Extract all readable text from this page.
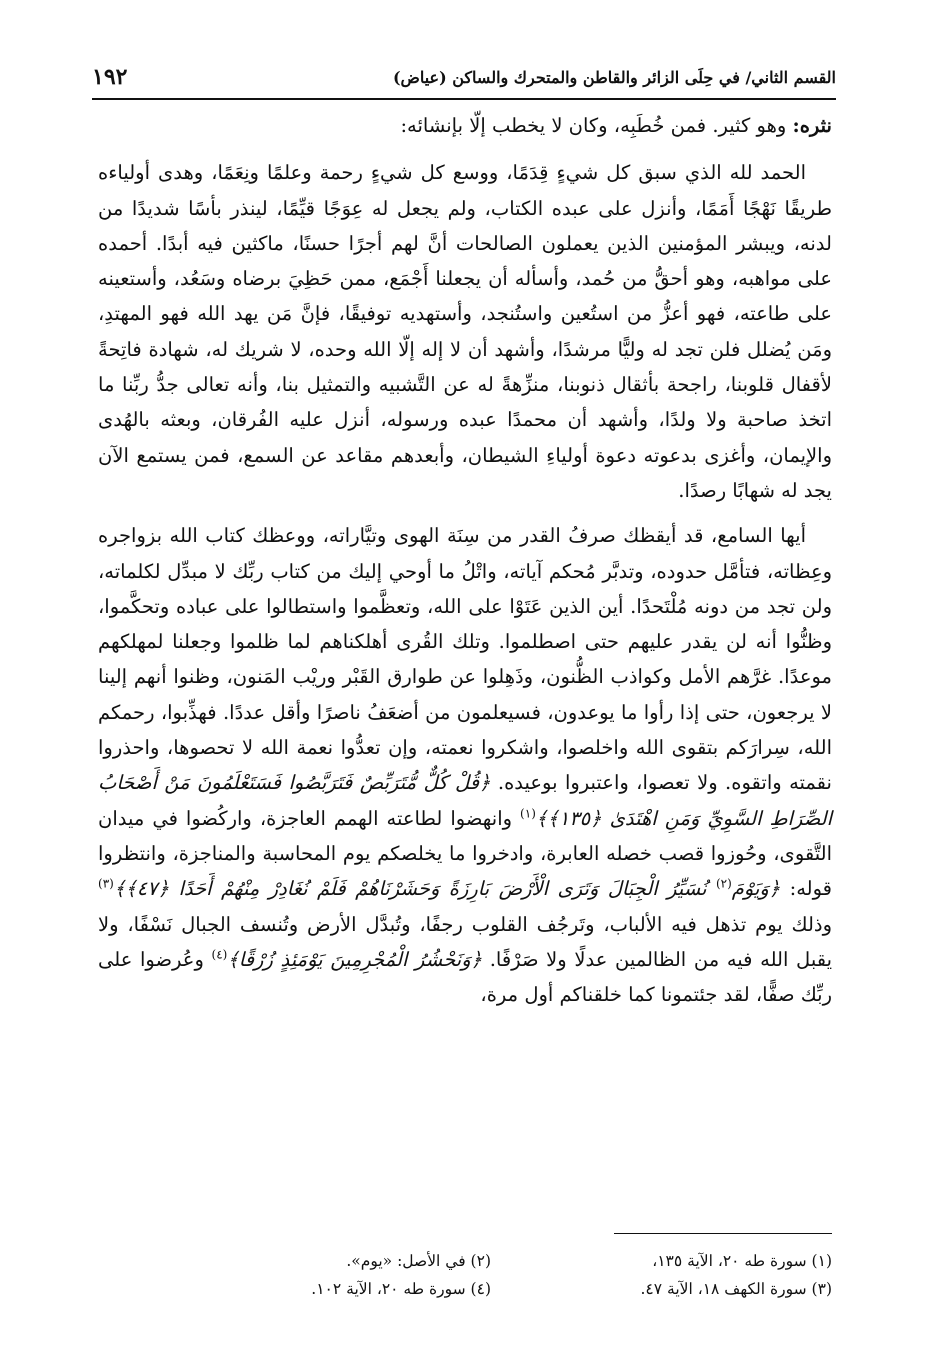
١٩٢	القسم الثاني/ في حِلَى الزائر والقاطن والمتحرك والساكن (عياض)

نثره: وهو كثير. فمن خُطَبِه، وكان لا يخطب إلّا بإنشائه:

الحمد لله الذي سبق كل شيءٍ قِدَمًا، ووسع كل شيءٍ رحمة وعلمًا ونِعَمًا، وهدى أولياءه طريقًا نَهْجًا أَمَمًا، وأنزل على عبده الكتاب، ولم يجعل له عِوَجًا قيِّمًا، لينذر بأسًا شديدًا من لدنه، ويبشر المؤمنين الذين يعملون الصالحات أنَّ لهم أجرًا حسنًا، ماكثين فيه أبدًا. أحمده على مواهبه، وهو أحقُّ من حُمد، وأسأله أن يجعلنا أَجْمَع، ممن حَظِيَ برضاه وسَعُد، وأستعينه على طاعته، فهو أعزُّ من استُعين واستُنجد، وأستهديه توفيقًا، فإنَّ مَن يهد الله فهو المهتدِ، ومَن يُضلل فلن تجد له وليًّا مرشدًا، وأشهد أن لا إله إلّا الله وحده، لا شريك له، شهادة فاتِحةً لأقفال قلوبنا، راجحة بأثقال ذنوبنا، منزِّهةً له عن التَّشبيه والتمثيل بنا، وأنه تعالى جدُّ ربِّنا ما اتخذ صاحبة ولا ولدًا، وأشهد أن محمدًا عبده ورسوله، أنزل عليه الفُرقان، وبعثه بالهُدى والإيمان، وأغزى بدعوته دعوة أولياءِ الشيطان، وأبعدهم مقاعد عن السمع، فمن يستمع الآن يجد له شهابًا رصدًا.

أيها السامع، قد أيقظك صرفُ القدر من سِنَة الهوى وتيَّاراته، ووعظك كتاب الله بزواجره وعِظاته، فتأمَّل حدوده، وتدبَّر مُحكم آياته، واتْلُ ما أوحي إليك من كتاب ربِّك لا مبدِّل لكلماته، ولن تجد من دونه مُلْتَحدًا. أين الذين عَتَوْا على الله، وتعظَّموا واستطالوا على عباده وتحكَّموا، وظنُّوا أنه لن يقدر عليهم حتى اصطلموا. وتلك القُرى أهلكناهم لما ظلموا وجعلنا لمهلكهم موعدًا. غرَّهم الأمل وكواذب الظُّنون، وذَهِلوا عن طوارق القَبْر وريْب المَنون، وظنوا أنهم إلينا لا يرجعون، حتى إذا رأوا ما يوعدون، فسيعلمون من أضعَفُ ناصرًا وأقل عددًا. فهذِّبوا، رحمكم الله، سِرارَكم بتقوى الله واخلصوا، واشكروا نعمته، وإن تعدُّوا نعمة الله لا تحصوها، واحذروا نقمته واتقوه. ولا تعصوا، واعتبروا بوعيده. ﴿قُلْ كُلٌّ مُّتَرَبِّصٌ فَتَرَبَّصُوا فَسَتَعْلَمُونَ مَنْ أَصْحَابُ الصِّرَاطِ السَّوِيِّ وَمَنِ اهْتَدَىٰ ﴿١٣٥﴾﴾$^{(١)}$ وانهضوا لطاعته الهمم العاجزة، واركُضوا في ميدان التَّقوى، وحُوزوا قصب خصله العابرة، وادخروا ما يخلصكم يوم المحاسبة والمناجزة، وانتظروا قوله: ﴿وَيَوْمَ$^{(٢)}$ نُسَيِّرُ الْجِبَالَ وَتَرَى الْأَرْضَ بَارِزَةً وَحَشَرْنَاهُمْ فَلَمْ نُغَادِرْ مِنْهُمْ أَحَدًا ﴿٤٧﴾﴾$^{(٣)}$ وذلك يوم تذهل فيه الألباب، وتَرجُف القلوب رجفًا، وتُبدَّل الأرض وتُنسف الجبال نَسْفًا، ولا يقبل الله فيه من الظالمين عدلًا ولا صَرْفًا. ﴿وَنَحْشُرُ الْمُجْرِمِينَ يَوْمَئِذٍ زُرْقًا﴾$^{(٤)}$ وعُرضوا على ربِّك صفًّا، لقد جئتمونا كما خلقناكم أول مرة،

(١) سورة طه ٢٠، الآية ١٣٥،
(٢) في الأصل: «يوم».
(٣) سورة الكهف ١٨، الآية ٤٧.
(٤) سورة طه ٢٠، الآية ١٠٢.
